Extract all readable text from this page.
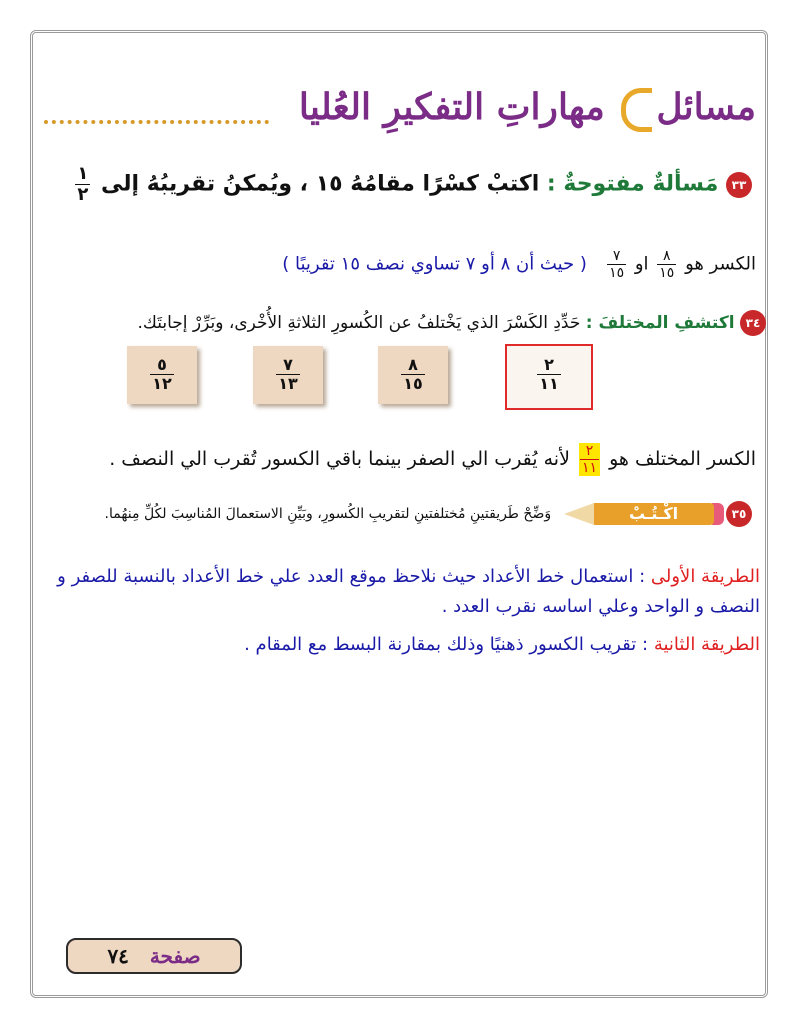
مسائل مهاراتِ التفكيرِ العُليا
٣٣ مَسألةٌ مفتوحةٌ : اكتبْ كسْرًا مقامُهُ ١٥ ، ويُمكنُ تقريبُهُ إلى
$\frac{١}{٢}$
الكسر هو
$\frac{٨}{١٥}$
او
$\frac{٧}{١٥}$
( حيث أن ٨ أو ٧ تساوي نصف ١٥ تقريبًا )
٣٤ اكتشفِ المختلفَ : حَدِّدِ الكَسْرَ الذي يَخْتلفُ عن الكُسورِ الثلاثةِ الأُخْرى، وبَرِّرْ إجابتَك.
$\frac{٢}{١١}$
$\frac{٨}{١٥}$
$\frac{٧}{١٣}$
$\frac{٥}{١٢}$
الكسر المختلف هو
$\frac{٢}{١١}$
لأنه يُقرب الي الصفر بينما باقي الكسور تُقرب الي النصف .
٣٥
اكْـتُـبْ
وَضِّحْ طَريقتينِ مُختلفتينِ لتقريبِ الكُسورِ، وبَيِّنِ الاستعمالَ المُناسِبَ لكُلِّ مِنهُما.
الطريقة الأولى : استعمال خط الأعداد حيث نلاحظ موقع العدد علي خط الأعداد بالنسبة للصفر و النصف و الواحد وعلي اساسه نقرب العدد .
الطريقة الثانية : تقريب الكسور ذهنيًا وذلك بمقارنة البسط مع المقام .
صفحة   ٧٤
